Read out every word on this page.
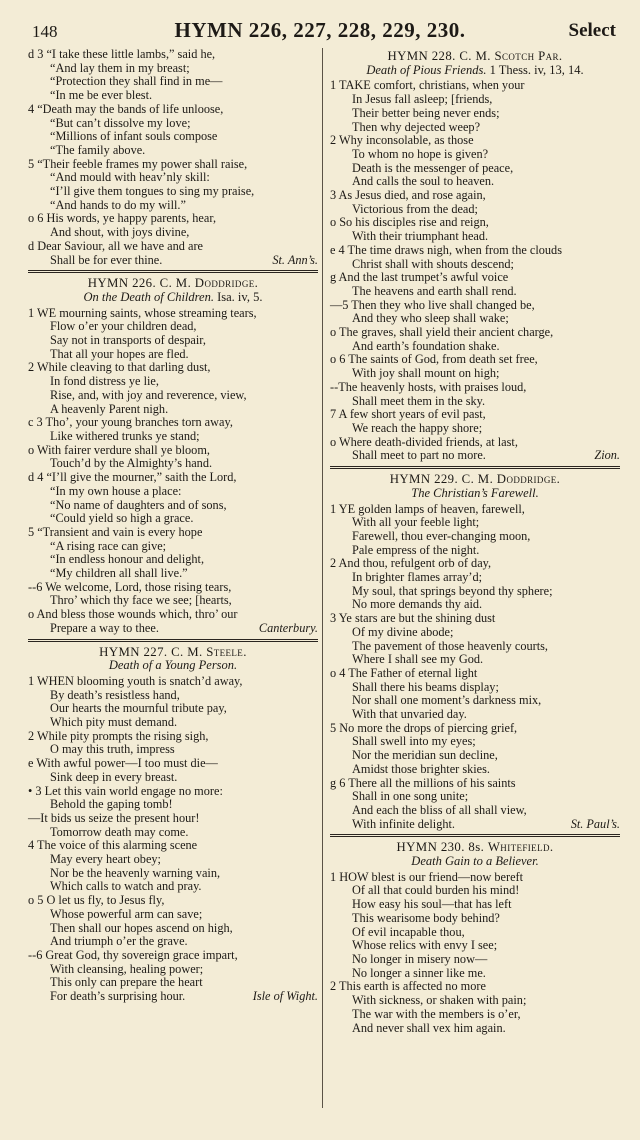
148	HYMN 226, 227, 228, 229, 230.	Select
d 3 “I take these little lambs,” said he,
“And lay them in my breast;
“Protection they shall find in me—
“In me be ever blest.
4 “Death may the bands of life unloose,
“But can’t dissolve my love;
“Millions of infant souls compose
“The family above.
5 “Their feeble frames my power shall raise,
“And mould with heav’nly skill:
“I’ll give them tongues to sing my praise,
“And hands to do my will.”
o 6 His words, ye happy parents, hear,
And shout, with joys divine,
d Dear Saviour, all we have and are
Shall be for ever thine.	St. Ann’s.
HYMN 226. C. M. Doddridge.
On the Death of Children. Isa. iv, 5.
1 WE mourning saints, whose streaming tears,
Flow o’er your children dead,
Say not in transports of despair,
That all your hopes are fled.
2 While cleaving to that darling dust,
In fond distress ye lie,
Rise, and, with joy and reverence, view,
A heavenly Parent nigh.
c 3 Tho’, your young branches torn away,
Like withered trunks ye stand;
o With fairer verdure shall ye bloom,
Touch’d by the Almighty’s hand.
d 4 “I’ll give the mourner,” saith the Lord,
“In my own house a place:
“No name of daughters and of sons,
“Could yield so high a grace.
5 “Transient and vain is every hope
“A rising race can give;
“In endless honour and delight,
“My children all shall live.”
--6 We welcome, Lord, those rising tears,
Thro’ which thy face we see; [hearts,
o And bless those wounds which, thro’ our
Prepare a way to thee.	Canterbury.
HYMN 227. C. M. Steele.
Death of a Young Person.
1 WHEN blooming youth is snatch’d away,
By death’s resistless hand,
Our hearts the mournful tribute pay,
Which pity must demand.
2 While pity prompts the rising sigh,
O may this truth, impress
e With awful power—I too must die—
Sink deep in every breast.
• 3 Let this vain world engage no more:
Behold the gaping tomb!
—It bids us seize the present hour!
Tomorrow death may come.
4 The voice of this alarming scene
May every heart obey;
Nor be the heavenly warning vain,
Which calls to watch and pray.
o 5 O let us fly, to Jesus fly,
Whose powerful arm can save;
Then shall our hopes ascend on high,
And triumph o’er the grave.
--6 Great God, thy sovereign grace impart,
With cleansing, healing power;
This only can prepare the heart
For death’s surprising hour.	Isle of Wight.
HYMN 228. C. M. Scotch Par.
Death of Pious Friends. 1 Thess. iv, 13, 14.
1 TAKE comfort, christians, when your
In Jesus fall asleep; [friends,
Their better being never ends;
Then why dejected weep?
2 Why inconsolable, as those
To whom no hope is given?
Death is the messenger of peace,
And calls the soul to heaven.
3 As Jesus died, and rose again,
Victorious from the dead;
o So his disciples rise and reign,
With their triumphant head.
e 4 The time draws nigh, when from the clouds
Christ shall with shouts descend;
g And the last trumpet’s awful voice
The heavens and earth shall rend.
—5 Then they who live shall changed be,
And they who sleep shall wake;
o The graves, shall yield their ancient charge,
And earth’s foundation shake.
o 6 The saints of God, from death set free,
With joy shall mount on high;
--The heavenly hosts, with praises loud,
Shall meet them in the sky.
7 A few short years of evil past,
We reach the happy shore;
o Where death-divided friends, at last,
Shall meet to part no more.	Zion.
HYMN 229. C. M. Doddridge.
The Christian’s Farewell.
1 YE golden lamps of heaven, farewell,
With all your feeble light;
Farewell, thou ever-changing moon,
Pale empress of the night.
2 And thou, refulgent orb of day,
In brighter flames array’d;
My soul, that springs beyond thy sphere;
No more demands thy aid.
3 Ye stars are but the shining dust
Of my divine abode;
The pavement of those heavenly courts,
Where I shall see my God.
o 4 The Father of eternal light
Shall there his beams display;
Nor shall one moment’s darkness mix,
With that unvaried day.
5 No more the drops of piercing grief,
Shall swell into my eyes;
Nor the meridian sun decline,
Amidst those brighter skies.
g 6 There all the millions of his saints
Shall in one song unite;
And each the bliss of all shall view,
With infinite delight.	St. Paul’s.
HYMN 230. 8s. Whitefield.
Death Gain to a Believer.
1 HOW blest is our friend—now bereft
Of all that could burden his mind!
How easy his soul—that has left
This wearisome body behind?
Of evil incapable thou,
Whose relics with envy I see;
No longer in misery now—
No longer a sinner like me.
2 This earth is affected no more
With sickness, or shaken with pain;
The war with the members is o’er,
And never shall vex him again.
